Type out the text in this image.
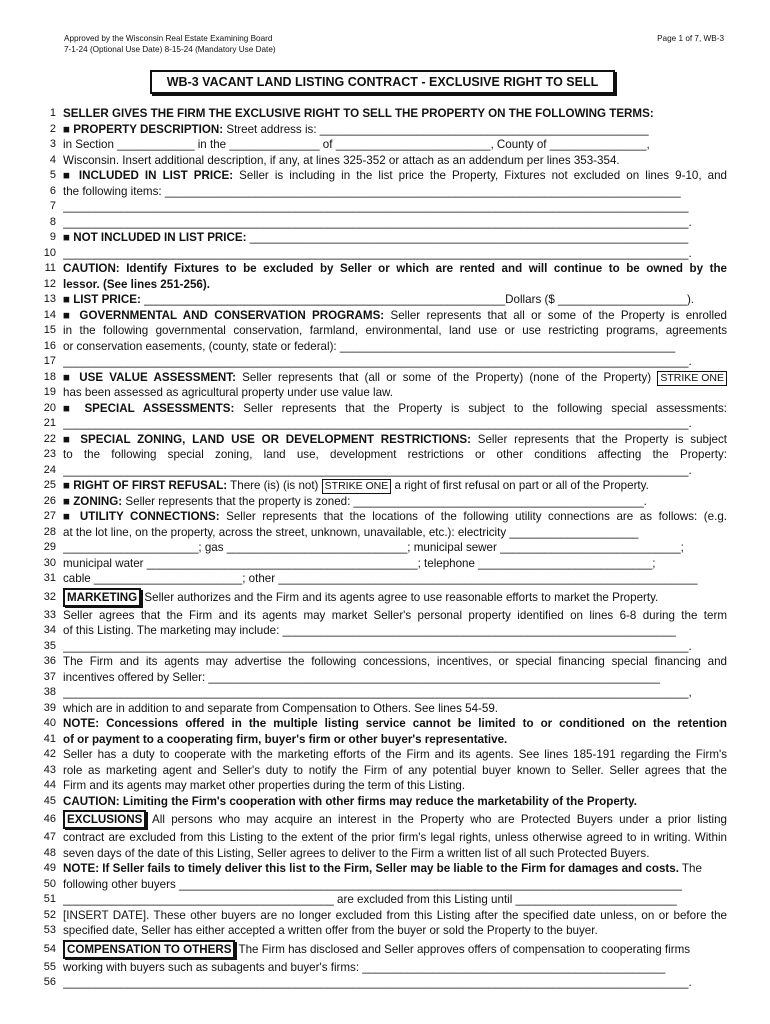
Approved by the Wisconsin Real Estate Examining Board
7-1-24 (Optional Use Date) 8-15-24 (Mandatory Use Date)
Page 1 of 7, WB-3
WB-3 VACANT LAND LISTING CONTRACT - EXCLUSIVE RIGHT TO SELL
1 SELLER GIVES THE FIRM THE EXCLUSIVE RIGHT TO SELL THE PROPERTY ON THE FOLLOWING TERMS:
2 ■ PROPERTY DESCRIPTION: Street address is: ___________________________________________________
3 in Section ____________ in the ______________ of ________________________, County of _______________,
4 Wisconsin. Insert additional description, if any, at lines 325-352 or attach as an addendum per lines 353-354.
5 ■ INCLUDED IN LIST PRICE: Seller is including in the list price the Property, Fixtures not excluded on lines 9-10, and
6 the following items: ________________________________________________________________________________
7 _________________________________________________________________________________________________
8 _________________________________________________________________________________________________.
9 ■ NOT INCLUDED IN LIST PRICE: ____________________________________________________________________
10 _________________________________________________________________________________________________.
11 CAUTION: Identify Fixtures to be excluded by Seller or which are rented and will continue to be owned by the
12 lessor. (See lines 251-256).
13 ■ LIST PRICE: ________________________________________________________Dollars ($ ____________________).
14 ■ GOVERNMENTAL AND CONSERVATION PROGRAMS: Seller represents that all or some of the Property is enrolled
15 in the following governmental conservation, farmland, environmental, land use or use restricting programs, agreements
16 or conservation easements, (county, state or federal): ____________________________________________________
17 _________________________________________________________________________________________________.
18 ■ USE VALUE ASSESSMENT: Seller represents that (all or some of the Property) (none of the Property) STRIKE ONE
19 has been assessed as agricultural property under use value law.
20 ■ SPECIAL ASSESSMENTS: Seller represents that the Property is subject to the following special assessments:
21 _________________________________________________________________________________________________.
22 ■ SPECIAL ZONING, LAND USE OR DEVELOPMENT RESTRICTIONS: Seller represents that the Property is subject
23 to the following special zoning, land use, development restrictions or other conditions affecting the Property:
24 _________________________________________________________________________________________________.
25 ■ RIGHT OF FIRST REFUSAL: There (is) (is not) STRIKE ONE a right of first refusal on part or all of the Property.
26 ■ ZONING: Seller represents that the property is zoned: _____________________________________________.
27 ■ UTILITY CONNECTIONS: Seller represents that the locations of the following utility connections are as follows: (e.g.
28 at the lot line, on the property, across the street, unknown, unavailable, etc.): electricity ____________________
29 _____________________; gas ____________________________; municipal sewer ____________________________;
30 municipal water __________________________________________; telephone ___________________________;
31 cable _______________________; other _________________________________________________________________
32 MARKETING Seller authorizes and the Firm and its agents agree to use reasonable efforts to market the Property.
33 Seller agrees that the Firm and its agents may market Seller's personal property identified on lines 6-8 during the term
34 of this Listing. The marketing may include: _____________________________________________________________
35 _________________________________________________________________________________________________.
36 The Firm and its agents may advertise the following concessions, incentives, or special financing special financing and
37 incentives offered by Seller: ______________________________________________________________________
38 _________________________________________________________________________________________________,
39 which are in addition to and separate from Compensation to Others. See lines 54-59.
40 NOTE: Concessions offered in the multiple listing service cannot be limited to or conditioned on the retention
41 of or payment to a cooperating firm, buyer's firm or other buyer's representative.
42 Seller has a duty to cooperate with the marketing efforts of the Firm and its agents. See lines 185-191 regarding the Firm's
43 role as marketing agent and Seller's duty to notify the Firm of any potential buyer known to Seller. Seller agrees that the
44 Firm and its agents may market other properties during the term of this Listing.
45 CAUTION: Limiting the Firm's cooperation with other firms may reduce the marketability of the Property.
46 EXCLUSIONS All persons who may acquire an interest in the Property who are Protected Buyers under a prior listing
47 contract are excluded from this Listing to the extent of the prior firm's legal rights, unless otherwise agreed to in writing. Within
48 seven days of the date of this Listing, Seller agrees to deliver to the Firm a written list of all such Protected Buyers.
49 NOTE: If Seller fails to timely deliver this list to the Firm, Seller may be liable to the Firm for damages and costs. The
50 following other buyers ______________________________________________________________________________
51 __________________________________________ are excluded from this Listing until _________________________
52 [INSERT DATE]. These other buyers are no longer excluded from this Listing after the specified date unless, on or before the
53 specified date, Seller has either accepted a written offer from the buyer or sold the Property to the buyer.
54 COMPENSATION TO OTHERS The Firm has disclosed and Seller approves offers of compensation to cooperating firms
55 working with buyers such as subagents and buyer's firms: _______________________________________________
56 _________________________________________________________________________________________________.
